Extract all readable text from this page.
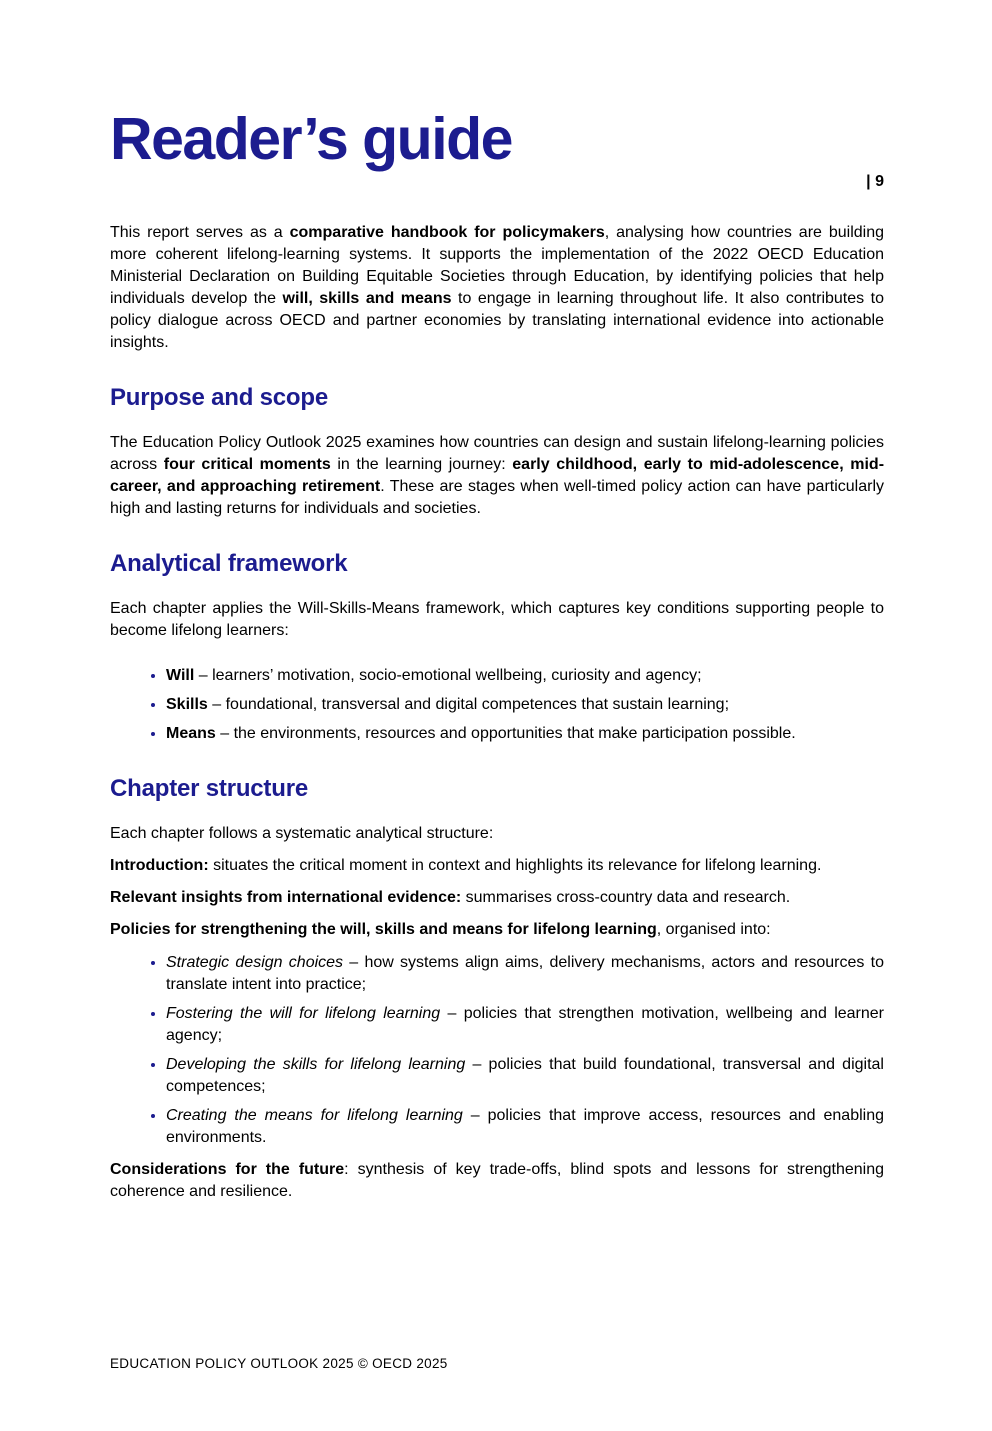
| 9
Reader’s guide

This report serves as a comparative handbook for policymakers, analysing how countries are building more coherent lifelong-learning systems. It supports the implementation of the 2022 OECD Education Ministerial Declaration on Building Equitable Societies through Education, by identifying policies that help individuals develop the will, skills and means to engage in learning throughout life. It also contributes to policy dialogue across OECD and partner economies by translating international evidence into actionable insights.

Purpose and scope

The Education Policy Outlook 2025 examines how countries can design and sustain lifelong-learning policies across four critical moments in the learning journey: early childhood, early to mid-adolescence, mid-career, and approaching retirement. These are stages when well-timed policy action can have particularly high and lasting returns for individuals and societies.

Analytical framework

Each chapter applies the Will-Skills-Means framework, which captures key conditions supporting people to become lifelong learners:

• Will – learners’ motivation, socio-emotional wellbeing, curiosity and agency;
• Skills – foundational, transversal and digital competences that sustain learning;
• Means – the environments, resources and opportunities that make participation possible.
Chapter structure

Each chapter follows a systematic analytical structure:

Introduction: situates the critical moment in context and highlights its relevance for lifelong learning.

Relevant insights from international evidence: summarises cross-country data and research.

Policies for strengthening the will, skills and means for lifelong learning, organised into:

• Strategic design choices – how systems align aims, delivery mechanisms, actors and resources to translate intent into practice;
• Fostering the will for lifelong learning – policies that strengthen motivation, wellbeing and learner agency;
• Developing the skills for lifelong learning – policies that build foundational, transversal and digital competences;
• Creating the means for lifelong learning – policies that improve access, resources and enabling environments.

Considerations for the future: synthesis of key trade-offs, blind spots and lessons for strengthening coherence and resilience.

EDUCATION POLICY OUTLOOK 2025 © OECD 2025
